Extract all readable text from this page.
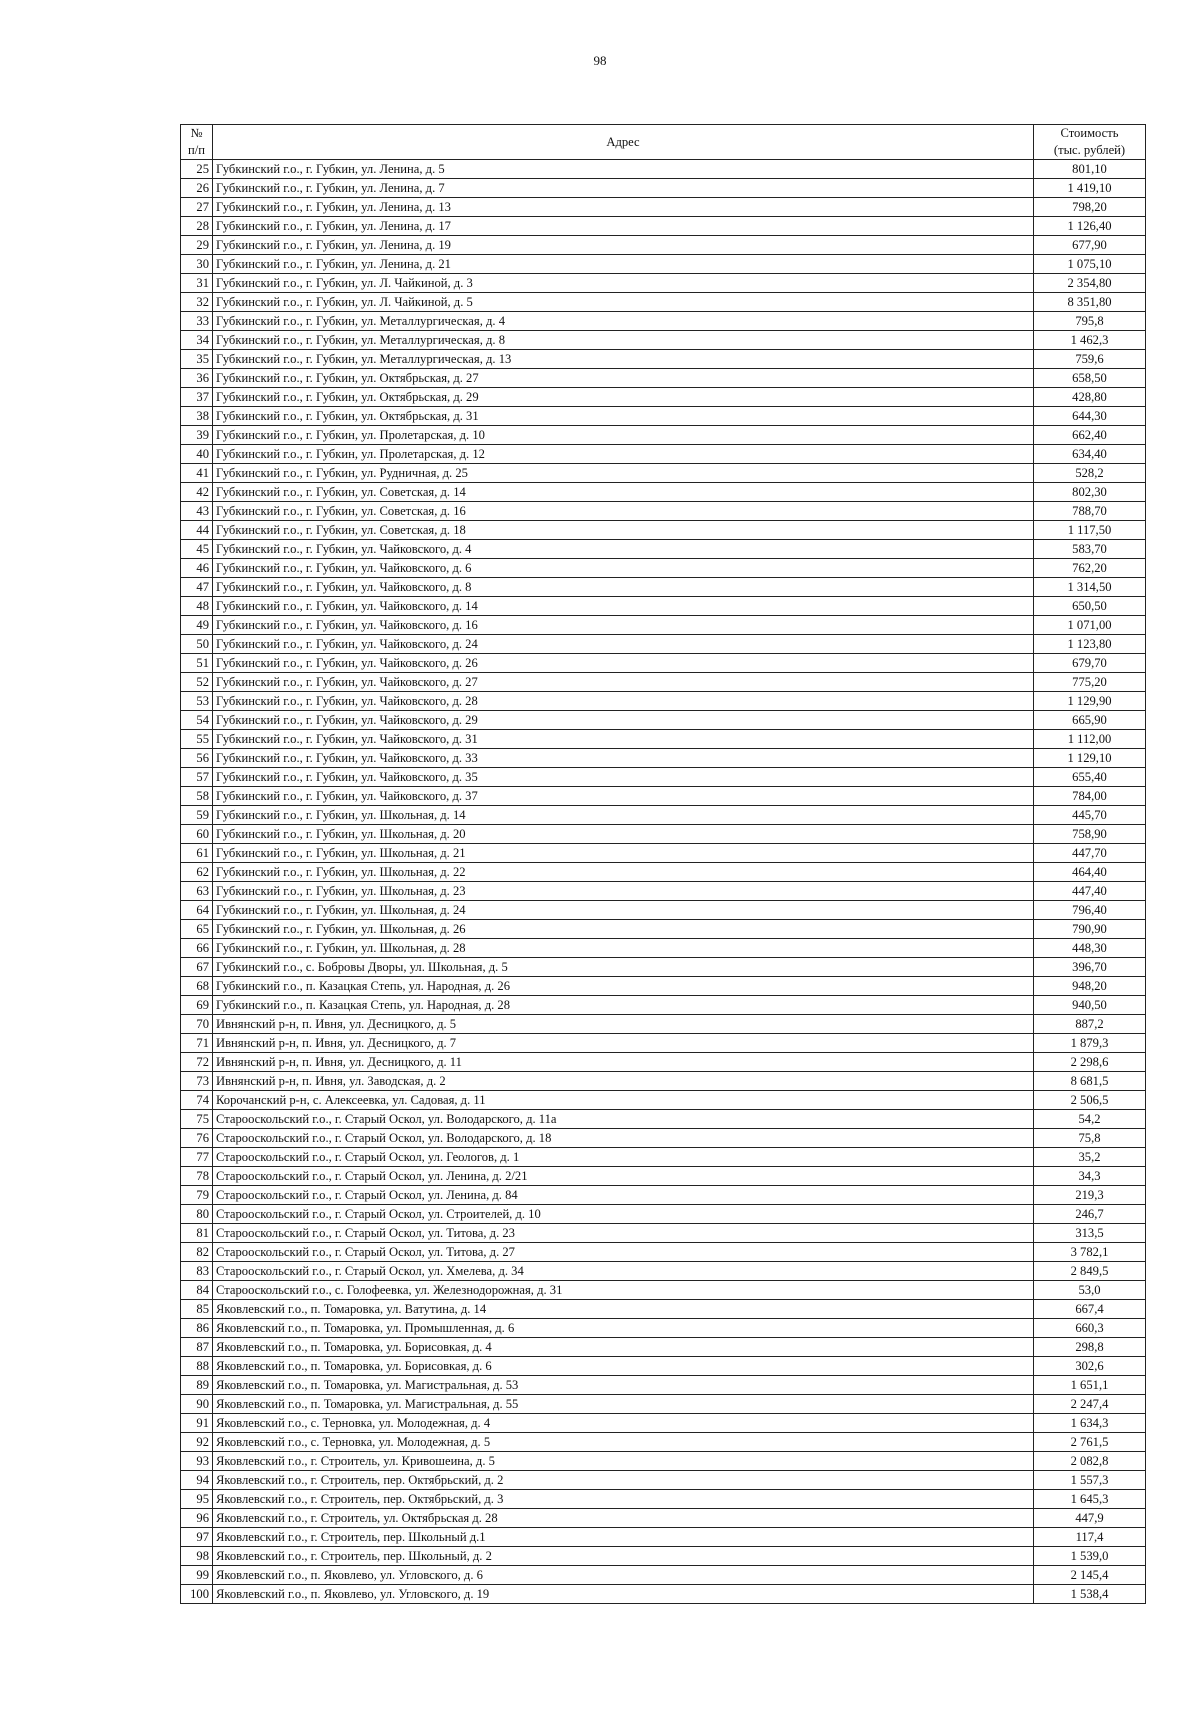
98
№
п/п	Адрес	Стоимость
(тыс. рублей)
25	Губкинский г.о., г. Губкин, ул. Ленина, д. 5	801,10
26	Губкинский г.о., г. Губкин, ул. Ленина, д. 7	1 419,10
27	Губкинский г.о., г. Губкин, ул. Ленина, д. 13	798,20
28	Губкинский г.о., г. Губкин, ул. Ленина, д. 17	1 126,40
29	Губкинский г.о., г. Губкин, ул. Ленина, д. 19	677,90
30	Губкинский г.о., г. Губкин, ул. Ленина, д. 21	1 075,10
31	Губкинский г.о., г. Губкин, ул. Л. Чайкиной, д. 3	2 354,80
32	Губкинский г.о., г. Губкин, ул. Л. Чайкиной, д. 5	8 351,80
33	Губкинский г.о., г. Губкин, ул. Металлургическая, д. 4	795,8
34	Губкинский г.о., г. Губкин, ул. Металлургическая, д. 8	1 462,3
35	Губкинский г.о., г. Губкин, ул. Металлургическая, д. 13	759,6
36	Губкинский г.о., г. Губкин, ул. Октябрьская, д. 27	658,50
37	Губкинский г.о., г. Губкин, ул. Октябрьская, д. 29	428,80
38	Губкинский г.о., г. Губкин, ул. Октябрьская, д. 31	644,30
39	Губкинский г.о., г. Губкин, ул. Пролетарская, д. 10	662,40
40	Губкинский г.о., г. Губкин, ул. Пролетарская, д. 12	634,40
41	Губкинский г.о., г. Губкин, ул. Рудничная, д. 25	528,2
42	Губкинский г.о., г. Губкин, ул. Советская, д. 14	802,30
43	Губкинский г.о., г. Губкин, ул. Советская, д. 16	788,70
44	Губкинский г.о., г. Губкин, ул. Советская, д. 18	1 117,50
45	Губкинский г.о., г. Губкин, ул. Чайковского, д. 4	583,70
46	Губкинский г.о., г. Губкин, ул. Чайковского, д. 6	762,20
47	Губкинский г.о., г. Губкин, ул. Чайковского, д. 8	1 314,50
48	Губкинский г.о., г. Губкин, ул. Чайковского, д. 14	650,50
49	Губкинский г.о., г. Губкин, ул. Чайковского, д. 16	1 071,00
50	Губкинский г.о., г. Губкин, ул. Чайковского, д. 24	1 123,80
51	Губкинский г.о., г. Губкин, ул. Чайковского, д. 26	679,70
52	Губкинский г.о., г. Губкин, ул. Чайковского, д. 27	775,20
53	Губкинский г.о., г. Губкин, ул. Чайковского, д. 28	1 129,90
54	Губкинский г.о., г. Губкин, ул. Чайковского, д. 29	665,90
55	Губкинский г.о., г. Губкин, ул. Чайковского, д. 31	1 112,00
56	Губкинский г.о., г. Губкин, ул. Чайковского, д. 33	1 129,10
57	Губкинский г.о., г. Губкин, ул. Чайковского, д. 35	655,40
58	Губкинский г.о., г. Губкин, ул. Чайковского, д. 37	784,00
59	Губкинский г.о., г. Губкин, ул. Школьная, д. 14	445,70
60	Губкинский г.о., г. Губкин, ул. Школьная, д. 20	758,90
61	Губкинский г.о., г. Губкин, ул. Школьная, д. 21	447,70
62	Губкинский г.о., г. Губкин, ул. Школьная, д. 22	464,40
63	Губкинский г.о., г. Губкин, ул. Школьная, д. 23	447,40
64	Губкинский г.о., г. Губкин, ул. Школьная, д. 24	796,40
65	Губкинский г.о., г. Губкин, ул. Школьная, д. 26	790,90
66	Губкинский г.о., г. Губкин, ул. Школьная, д. 28	448,30
67	Губкинский г.о., с. Бобровы Дворы, ул. Школьная, д. 5	396,70
68	Губкинский г.о., п. Казацкая Степь, ул. Народная, д. 26	948,20
69	Губкинский г.о., п. Казацкая Степь, ул. Народная, д. 28	940,50
70	Ивнянский р-н, п. Ивня, ул. Десницкого, д. 5	887,2
71	Ивнянский р-н, п. Ивня, ул. Десницкого, д. 7	1 879,3
72	Ивнянский р-н, п. Ивня, ул. Десницкого, д. 11	2 298,6
73	Ивнянский р-н, п. Ивня, ул. Заводская, д. 2	8 681,5
74	Корочанский р-н, с. Алексеевка, ул. Садовая, д. 11	2 506,5
75	Старооскольский г.о., г. Старый Оскол, ул. Володарского, д. 11а	54,2
76	Старооскольский г.о., г. Старый Оскол, ул. Володарского, д. 18	75,8
77	Старооскольский г.о., г. Старый Оскол, ул. Геологов, д. 1	35,2
78	Старооскольский г.о., г. Старый Оскол, ул. Ленина, д. 2/21	34,3
79	Старооскольский г.о., г. Старый Оскол, ул. Ленина, д. 84	219,3
80	Старооскольский г.о., г. Старый Оскол, ул. Строителей, д. 10	246,7
81	Старооскольский г.о., г. Старый Оскол, ул. Титова, д. 23	313,5
82	Старооскольский г.о., г. Старый Оскол, ул. Титова, д. 27	3 782,1
83	Старооскольский г.о., г. Старый Оскол, ул. Хмелева, д. 34	2 849,5
84	Старооскольский г.о., с. Голофеевка, ул. Железнодорожная, д. 31	53,0
85	Яковлевский г.о., п. Томаровка, ул. Ватутина, д. 14	667,4
86	Яковлевский г.о., п. Томаровка, ул. Промышленная, д. 6	660,3
87	Яковлевский г.о., п. Томаровка, ул. Борисовкая, д. 4	298,8
88	Яковлевский г.о., п. Томаровка, ул. Борисовкая, д. 6	302,6
89	Яковлевский г.о., п. Томаровка, ул. Магистральная, д. 53	1 651,1
90	Яковлевский г.о., п. Томаровка, ул. Магистральная, д. 55	2 247,4
91	Яковлевский г.о., с. Терновка, ул. Молодежная, д. 4	1 634,3
92	Яковлевский г.о., с. Терновка, ул. Молодежная, д. 5	2 761,5
93	Яковлевский г.о., г. Строитель, ул. Кривошеина, д. 5	2 082,8
94	Яковлевский г.о., г. Строитель, пер. Октябрьский, д. 2	1 557,3
95	Яковлевский г.о., г. Строитель, пер. Октябрьский, д. 3	1 645,3
96	Яковлевский г.о., г. Строитель, ул. Октябрьская д. 28	447,9
97	Яковлевский г.о., г. Строитель, пер. Школьный д.1	117,4
98	Яковлевский г.о., г. Строитель, пер. Школьный, д. 2	1 539,0
99	Яковлевский г.о., п. Яковлево, ул. Угловского, д. 6	2 145,4
100	Яковлевский г.о., п. Яковлево, ул. Угловского, д. 19	1 538,4
